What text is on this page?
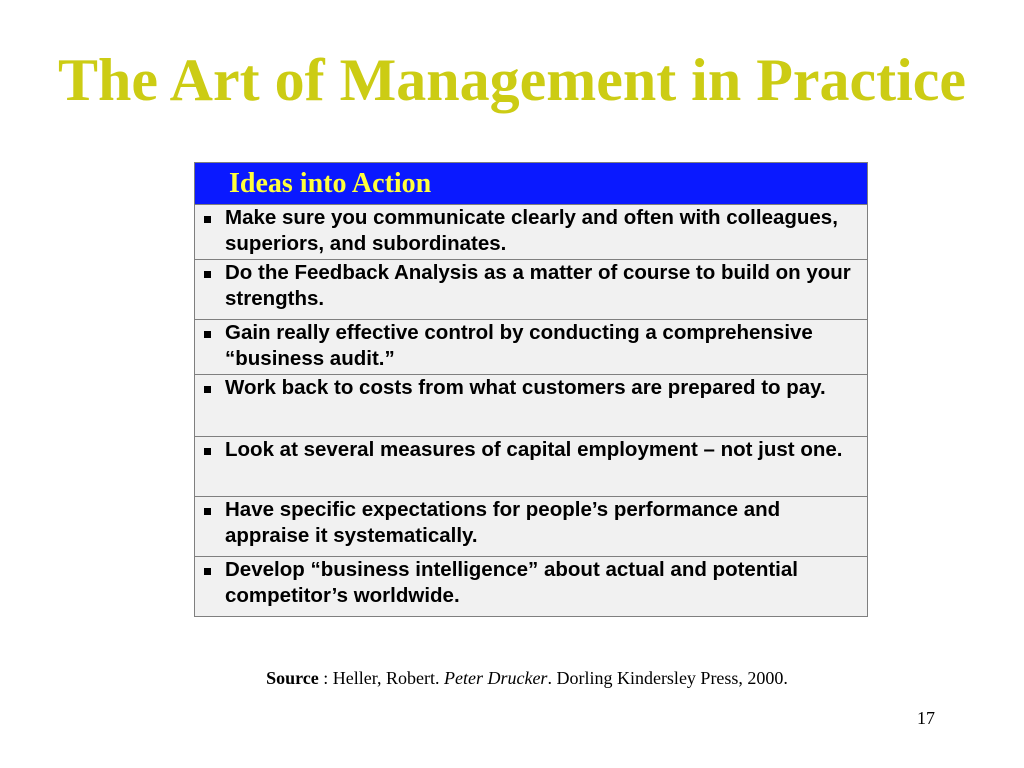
The Art of Management in Practice
Ideas into Action
Make sure you communicate clearly and often with colleagues, superiors, and subordinates.
Do the Feedback Analysis as a matter of course to build on your strengths.
Gain really effective control by conducting a comprehensive “business audit.”
Work back to costs from what customers are prepared to pay.
Look at several measures of capital employment – not just one.
Have specific expectations for people’s performance and appraise it systematically.
Develop “business intelligence” about actual and potential competitor’s worldwide.
Source : Heller, Robert. Peter Drucker. Dorling Kindersley Press, 2000.
17
